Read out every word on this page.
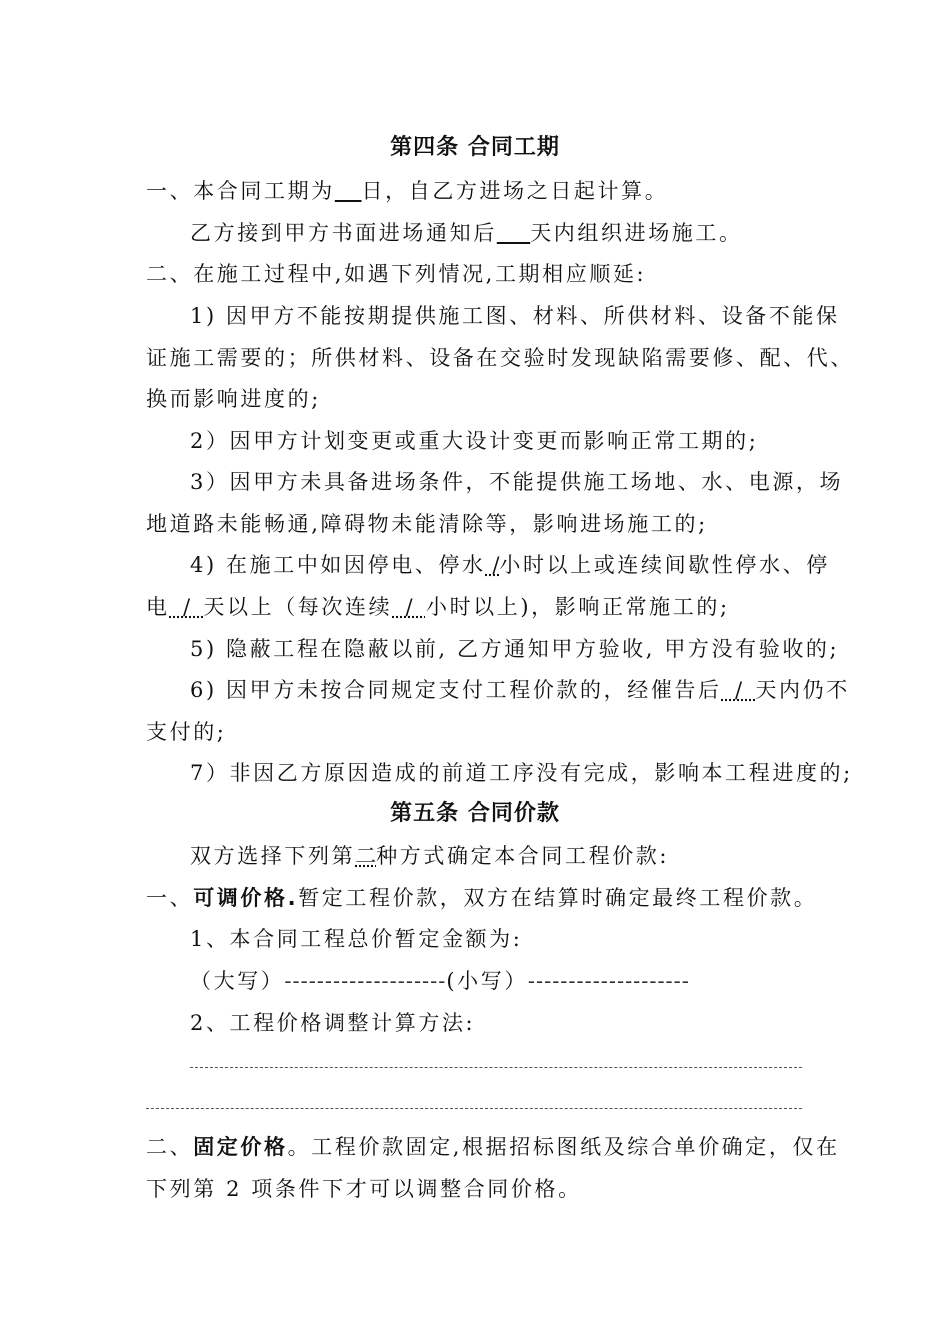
第四条 合同工期
一、本合同工期为 日，自乙方进场之日起计算。
乙方接到甲方书面进场通知后 天内组织进场施工。
二、在施工过程中,如遇下列情况,工期相应顺延:
1) 因甲方不能按期提供施工图、材料、所供材料、设备不能保
证施工需要的；所供材料、设备在交验时发现缺陷需要修、配、代、
换而影响进度的;
2）因甲方计划变更或重大设计变更而影响正常工期的;
3）因甲方未具备进场条件，不能提供施工场地、水、电源，场
地道路未能畅通,障碍物未能清除等，影响进场施工的;
4) 在施工中如因停电、停水 /小时以上或连续间歇性停水、停
电  /  天以上（每次连续  /  小时以上)，影响正常施工的;
5) 隐蔽工程在隐蔽以前, 乙方通知甲方验收, 甲方没有验收的;
6) 因甲方未按合同规定支付工程价款的，经催告后  /  天内仍不
支付的;
7）非因乙方原因造成的前道工序没有完成，影响本工程进度的;
第五条 合同价款
双方选择下列第二种方式确定本合同工程价款:
一、可调价格.暂定工程价款，双方在结算时确定最终工程价款。
1、本合同工程总价暂定金额为:
（大写）--------------------(小写）--------------------
2、工程价格调整计算方法:
二、固定价格。工程价款固定,根据招标图纸及综合单价确定，仅在
下列第 2 项条件下才可以调整合同价格。
